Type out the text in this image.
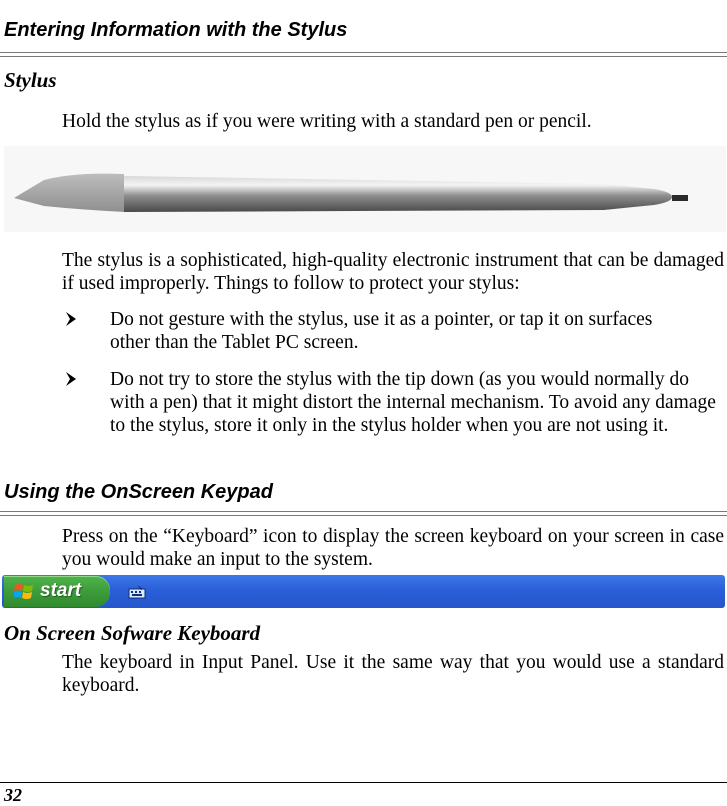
Entering Information with the Stylus
Stylus
Hold the stylus as if you were writing with a standard pen or pencil.
The stylus is a sophisticated, high-quality electronic instrument that can be damaged if used improperly. Things to follow to protect your stylus:
Do not gesture with the stylus, use it as a pointer, or tap it on surfaces other than the Tablet PC screen.
Do not try to store the stylus with the tip down (as you would normally do with a pen) that it might distort the internal mechanism. To avoid any damage to the stylus, store it only in the stylus holder when you are not using it.
Using the OnScreen Keypad
Press on the “Keyboard” icon to display the screen keyboard on your screen in case you would make an input to the system.
start
On Screen Sofware Keyboard
The keyboard in Input Panel. Use it the same way that you would use a standard keyboard.
32
